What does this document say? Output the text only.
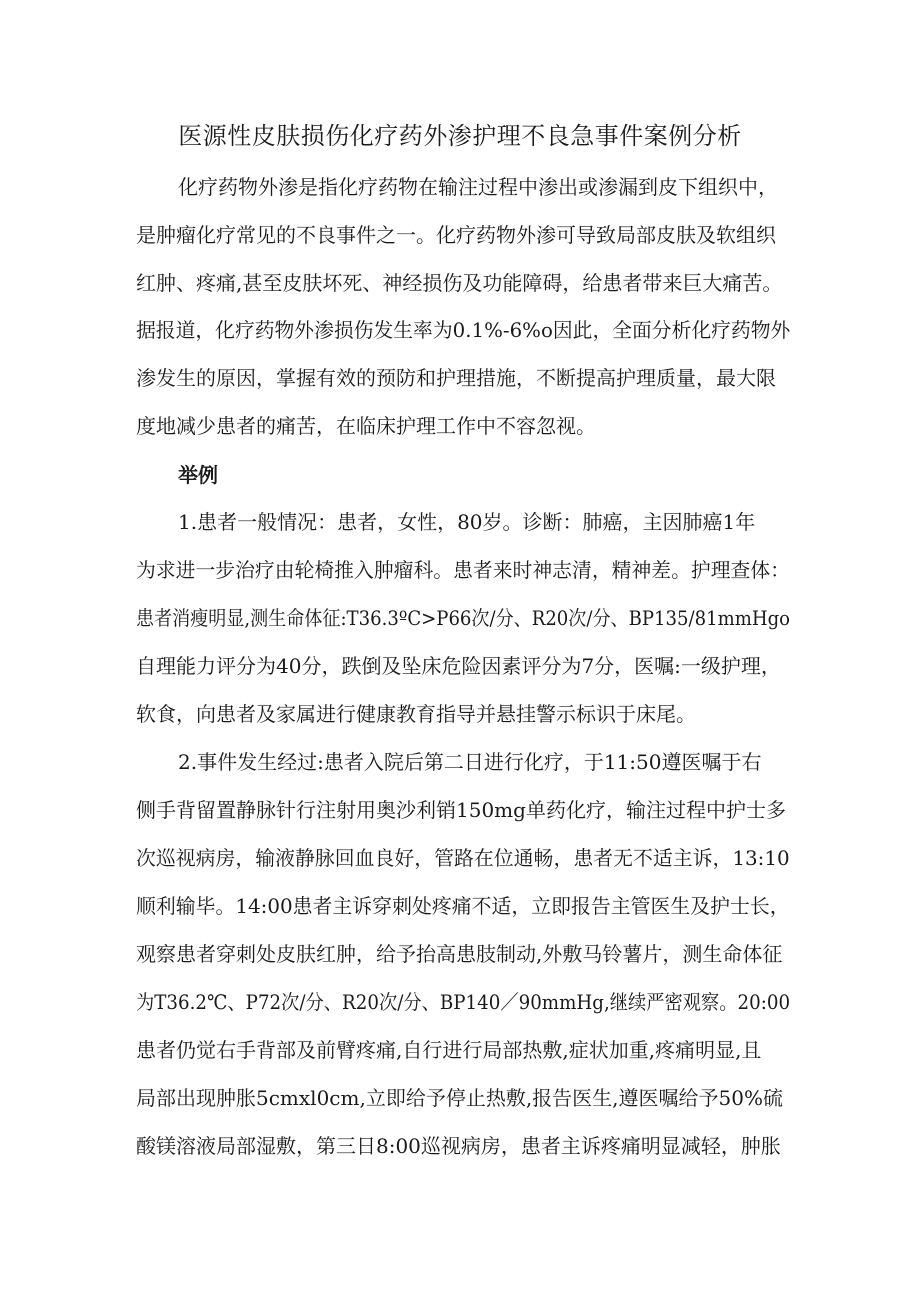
医源性皮肤损伤化疗药外渗护理不良急事件案例分析
化疗药物外渗是指化疗药物在输注过程中渗出或渗漏到皮下组织中，
是肿瘤化疗常见的不良事件之一。化疗药物外渗可导致局部皮肤及软组织
红肿、疼痛,甚至皮肤坏死、神经损伤及功能障碍，给患者带来巨大痛苦。
据报道，化疗药物外渗损伤发生率为0.1%-6%o因此，全面分析化疗药物外
渗发生的原因，掌握有效的预防和护理措施，不断提高护理质量，最大限
度地减少患者的痛苦，在临床护理工作中不容忽视。
举例
1.患者一般情况：患者，女性，80岁。诊断：肺癌，主因肺癌1年
为求进一步治疗由轮椅推入肿瘤科。患者来时神志清，精神差。护理查体：
患者消瘦明显,测生命体征:T36.3ºC>P66次/分、R20次/分、BP135/81mmHgo
自理能力评分为40分，跌倒及坠床危险因素评分为7分，医嘱:一级护理，
软食，向患者及家属进行健康教育指导并悬挂警示标识于床尾。
2.事件发生经过:患者入院后第二日进行化疗，于11:50遵医嘱于右
侧手背留置静脉针行注射用奥沙利销150mg单药化疗，输注过程中护士多
次巡视病房，输液静脉回血良好，管路在位通畅，患者无不适主诉，13:10
顺利输毕。14:00患者主诉穿刺处疼痛不适，立即报告主管医生及护士长，
观察患者穿刺处皮肤红肿，给予抬高患肢制动,外敷马铃薯片，测生命体征
为T36.2℃、P72次/分、R20次/分、BP140／90mmHg,继续严密观察。20:00
患者仍觉右手背部及前臂疼痛,自行进行局部热敷,症状加重,疼痛明显,且
局部出现肿胀5cmxl0cm,立即给予停止热敷,报告医生,遵医嘱给予50%硫
酸镁溶液局部湿敷，第三日8:00巡视病房，患者主诉疼痛明显减轻，肿胀
